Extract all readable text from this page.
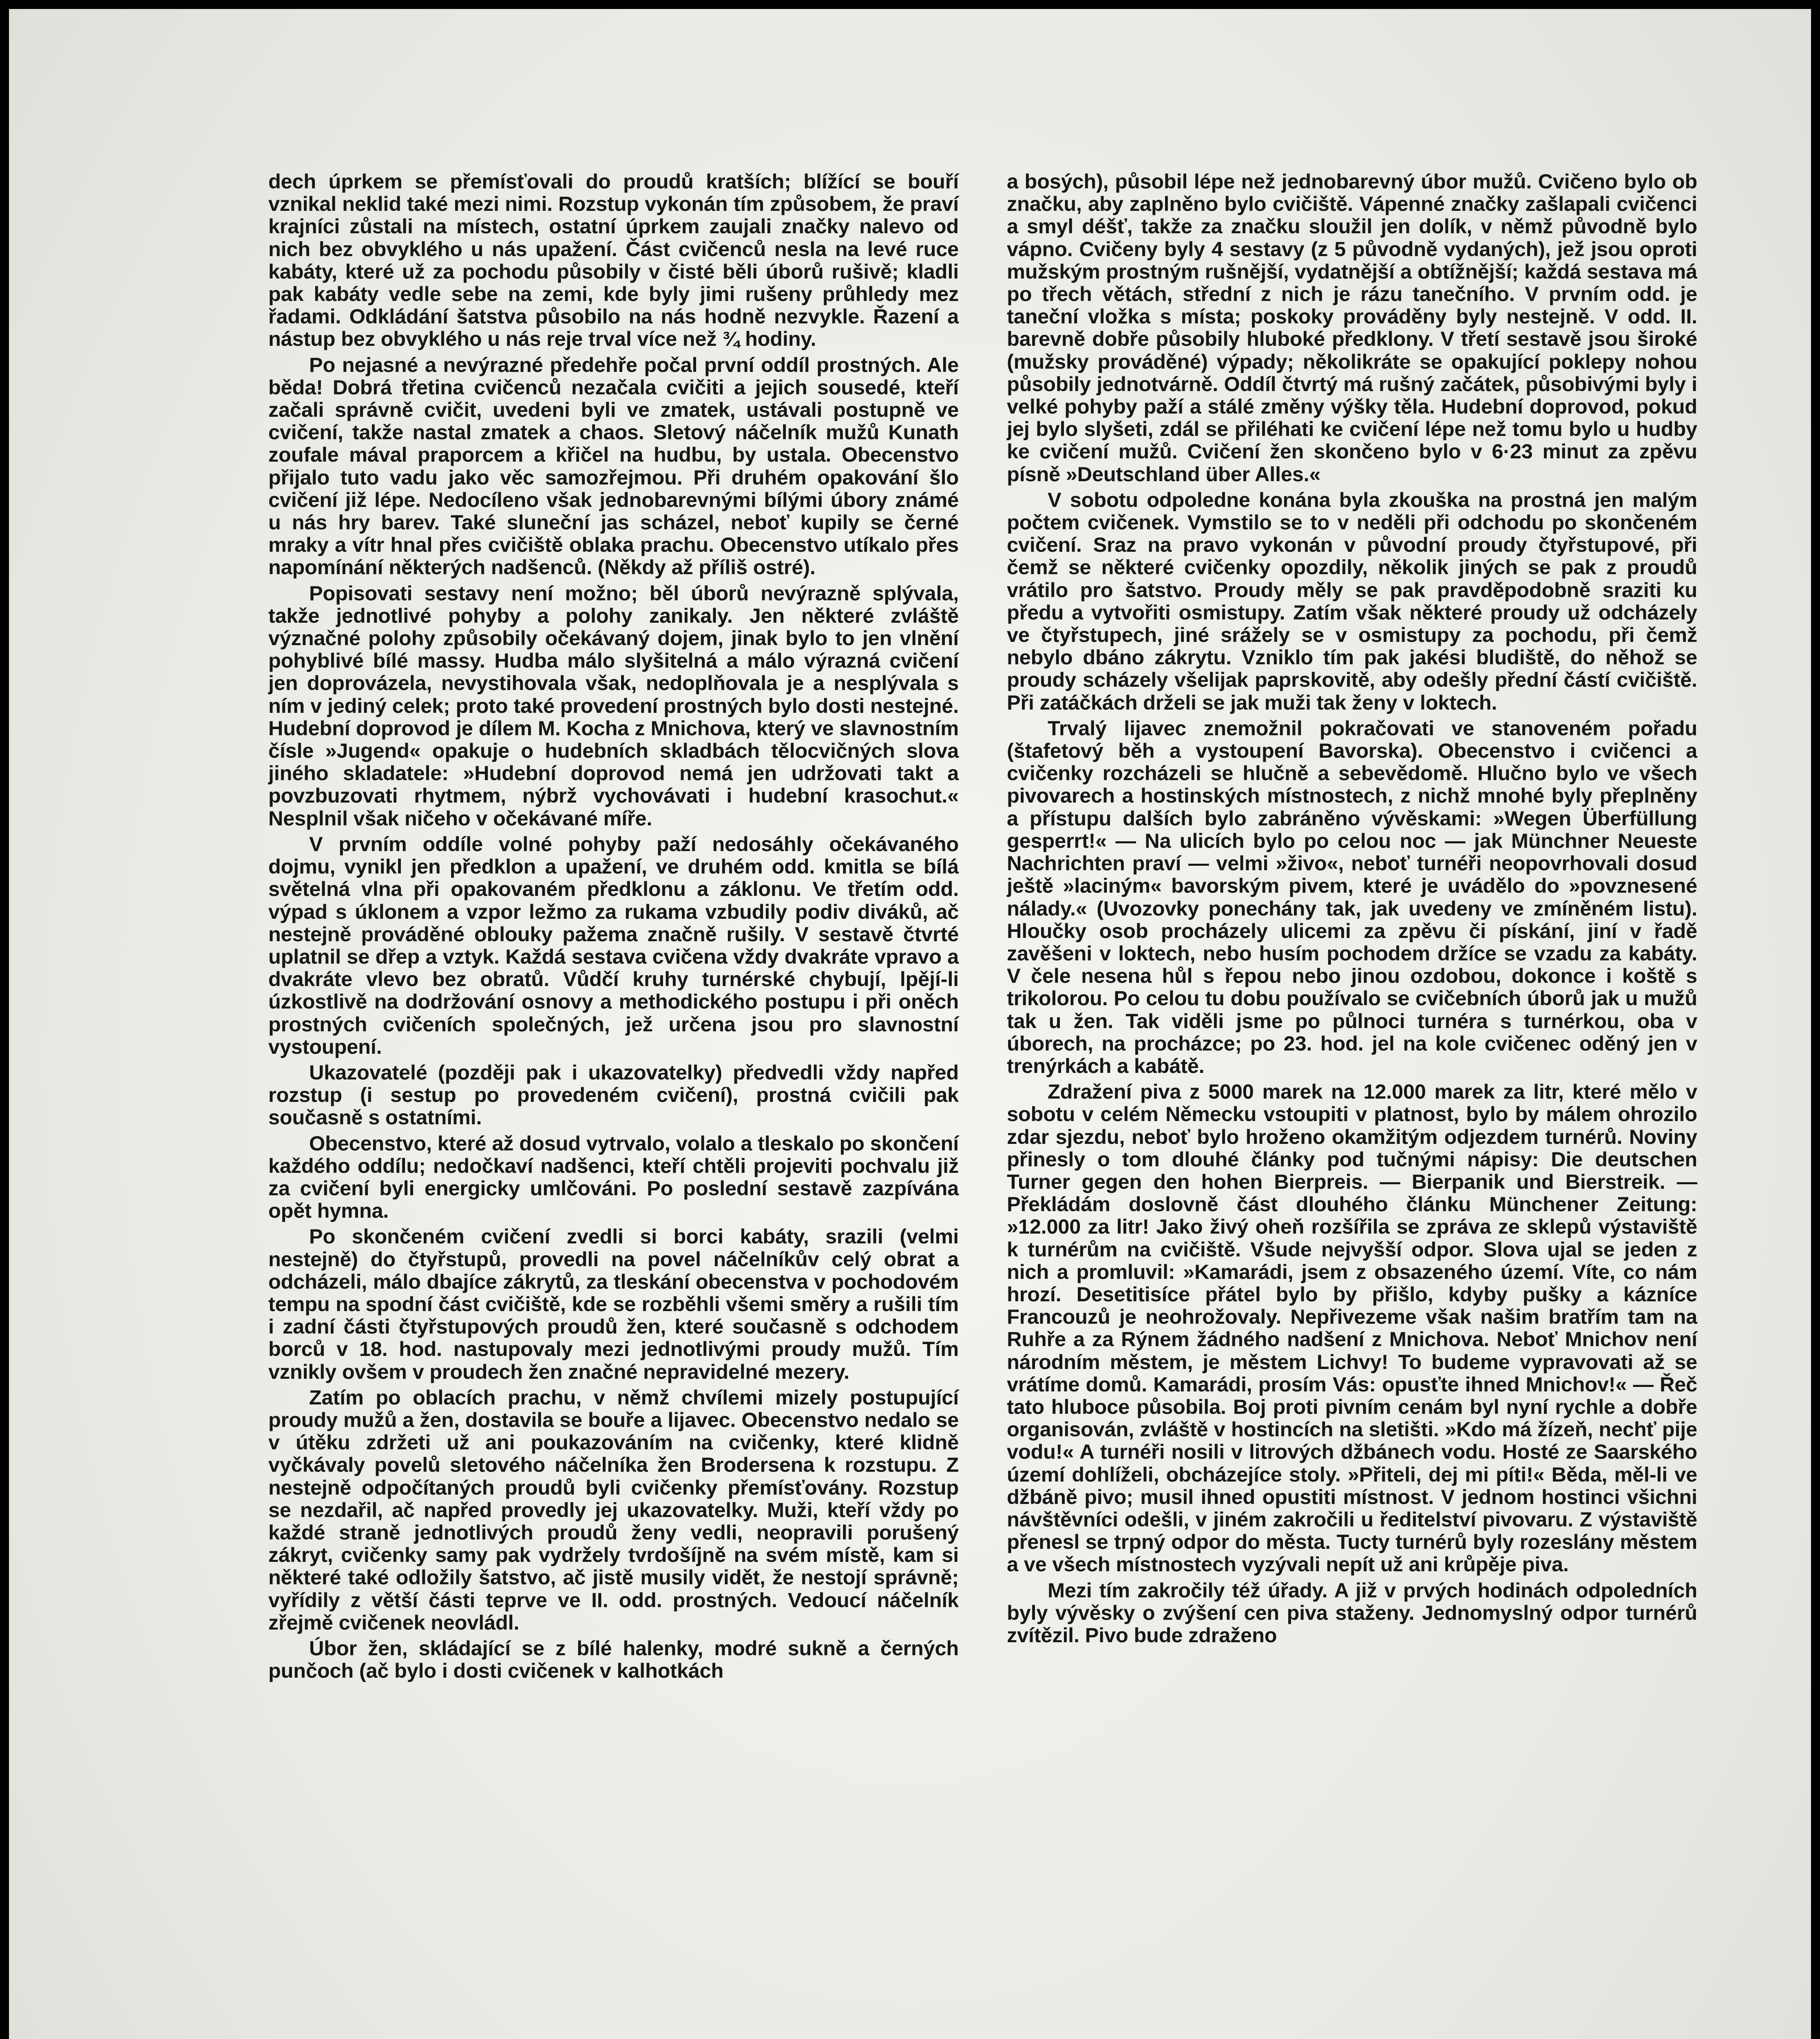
dech úprkem se přemísťovali do proudů kratších; blížící se bouří vznikal neklid také mezi nimi. Rozstup vykonán tím způsobem, že praví krajníci zůstali na místech, ostatní úprkem zaujali značky nalevo od nich bez obvyklého u nás upažení. Část cvičenců nesla na levé ruce kabáty, které už za pochodu působily v čisté běli úborů rušivě; kladli pak kabáty vedle sebe na zemi, kde byly jimi rušeny průhledy mez řadami. Odkládání šatstva působilo na nás hodně nezvykle. Řazení a nástup bez obvyklého u nás reje trval více než ¾ hodiny.

Po nejasné a nevýrazné předehře počal první oddíl prostných. Ale běda! Dobrá třetina cvičenců nezačala cvičiti a jejich sousedé, kteří začali správně cvičit, uvedeni byli ve zmatek, ustávali postupně ve cvičení, takže nastal zmatek a chaos. Sletový náčelník mužů Kunath zoufale mával praporcem a křičel na hudbu, by ustala. Obecenstvo přijalo tuto vadu jako věc samozřejmou. Při druhém opakování šlo cvičení již lépe. Nedocílenо však jednobarevnými bílými úbory známé u nás hry barev. Také sluneční jas scházel, neboť kupily se černé mraky a vítr hnal přes cvičiště oblaka prachu. Obecenstvo utíkalo přes napomínání některých nadšenců. (Někdy až příliš ostré).

Popisovati sestavy není možno; běl úborů nevýrazně splývala, takže jednotlivé pohyby a polohy zanikaly. Jen některé zvláště význačné polohy způsobily očekávaný dojem, jinak bylo to jen vlnění pohyblivé bílé massy. Hudba málo slyšitelná a málo výrazná cvičení jen doprovázela, nevystihovala však, nedoplňovala je a nesplývala s ním v jediný celek; proto také provedení prostných bylo dosti nestejné. Hudební doprovod je dílem M. Kocha z Mnichova, který ve slavnostním čísle »Jugend« opakuje o hudebních skladbách tělocvičných slova jiného skladatele: »Hudební doprovod nemá jen udržovati takt a povzbuzovati rhytmem, nýbrž vychovávati i hudební krasochut.« Nesplnil však ničeho v očekávané míře.

V prvním oddíle volné pohyby paží nedosáhly očekávaného dojmu, vynikl jen předklon a upažení, ve druhém odd. kmitla se bílá světelná vlna při opakovaném předklonu a záklonu. Ve třetím odd. výpad s úklonem a vzpor ležmo za rukama vzbudily podiv diváků, ač nestejně prováděné oblouky pažema značně rušily. V sestavě čtvrté uplatnil se dřep a vztyk. Každá sestava cvičena vždy dvakráte vpravo a dvakráte vlevo bez obratů. Vůdčí kruhy turnérské chybují, lpějí-li úzkostlivě na dodržování osnovy a methodického postupu i při oněch prostných cvičeních společných, jež určena jsou pro slavnostní vystoupení.

Ukazovatelé (později pak i ukazovatelky) předvedli vždy napřed rozstup (i sestup po provedeném cvičení), prostná cvičili pak současně s ostatními.

Obecenstvo, které až dosud vytrvalo, volalo a tleskalo po skončení každého oddílu; nedočkaví nadšenci, kteří chtěli projeviti pochvalu již za cvičení byli energicky umlčováni. Po poslední sestavě zazpívána opět hymna.

Po skončeném cvičení zvedli si borci kabáty, srazili (velmi nestejně) do čtyřstupů, provedli na povel náčelníkův celý obrat a odcházeli, málo dbajíce zákrytů, za tleskání obecenstva v pochodovém tempu na spodní část cvičiště, kde se rozběhli všemi směry a rušili tím i zadní části čtyřstupových proudů žen, které současně s odchodem borců v 18. hod. nastupovaly mezi jednotlivými proudy mužů. Tím vznikly ovšem v proudech žen značné nepravidelné mezery.

Zatím po oblacích prachu, v němž chvílemi mizely postupující proudy mužů a žen, dostavila se bouře a lijavec. Obecenstvo nedalo se v útěku zdržeti už ani poukazováním na cvičenky, které klidně vyčkávaly povelů sletového náčelníka žen Brodersena k rozstupu. Z nestejně odpočítaných proudů byli cvičenky přemísťovány. Rozstup se nezdařil, ač napřed provedly jej ukazovatelky. Muži, kteří vždy po každé straně jednotlivých proudů ženy vedli, neopravili porušený zákryt, cvičenky samy pak vydržely tvrdošíjně na svém místě, kam si některé také odložily šatstvo, ač jistě musily vidět, že nestojí správně; vyřídily z větší části teprve ve II. odd. prostných. Vedoucí náčelník zřejmě cvičenek neovládl.

Úbor žen, skládající se z bílé halenky, modré sukně a černých punčoch (ač bylo i dosti cvičenek v kalhotkách

a bosých), působil lépe než jednobarevný úbor mužů. Cvičeno bylo ob značku, aby zaplněno bylo cvičiště. Vápenné značky zašlapali cvičenci a smyl déšť, takže za značku sloužil jen dolík, v němž původně bylo vápno. Cvičeny byly 4 sestavy (z 5 původně vydaných), jež jsou oproti mužským prostným rušnější, vydatnější a obtížnější; každá sestava má po třech větách, střední z nich je rázu tanečního. V prvním odd. je taneční vložka s místa; poskoky prováděny byly nestejně. V odd. II. barevně dobře působily hluboké předklony. V třetí sestavě jsou široké (mužsky prováděné) výpady; několikráte se opakující poklepy nohou působily jednotvárně. Oddíl čtvrtý má rušný začátek, působivými byly i velké pohyby paží a stálé změny výšky těla. Hudební doprovod, pokud jej bylo slyšeti, zdál se přiléhati ke cvičení lépe než tomu bylo u hudby ke cvičení mužů. Cvičení žen skončeno bylo v 6·23 minut za zpěvu písně »Deutschland über Alles.«

V sobotu odpoledne konána byla zkouška na prostná jen malým počtem cvičenek. Vymstilo se to v neděli při odchodu po skončeném cvičení. Sraz na pravo vykonán v původní proudy čtyřstupové, při čemž se některé cvičenky opozdily, několik jiných se pak z proudů vrátilo pro šatstvo. Proudy měly se pak pravděpodobně sraziti ku předu a vytvořiti osmistupy. Zatím však některé proudy už odcházely ve čtyřstupech, jiné srážely se v osmistupy za pochodu, při čemž nebylo dbáno zákrytu. Vzniklo tím pak jakési bludiště, do něhož se proudy scházely všelijak paprskovitě, aby odešly přední částí cvičiště. Při zatáčkách drželi se jak muži tak ženy v loktech.

Trvalý lijavec znemožnil pokračovati ve stanoveném pořadu (štafetový běh a vystoupení Bavorska). Obecenstvo i cvičenci a cvičenky rozcházeli se hlučně a sebevědomě. Hlučno bylo ve všech pivovarech a hostinských místnostech, z nichž mnohé byly přeplněny a přístupu dalších bylo zabráněno vývěskami: »Wegen Überfüllung gesperrt!« — Na ulicích bylo po celou noc — jak Münchner Neueste Nachrichten praví — velmi »živo«, neboť turnéři neopovrhovali dosud ještě »laciným« bavorským pivem, které je uvádělo do »povznesené nálady.« (Uvozovky ponechány tak, jak uvedeny ve zmíněném listu). Hloučky osob procházely ulicemi za zpěvu či pískání, jiní v řadě zavěšeni v loktech, nebo husím pochodem držíce se vzadu za kabáty. V čele nesena hůl s řepou nebo jinou ozdobou, dokonce i koště s trikolorou. Po celou tu dobu používalo se cvičebních úborů jak u mužů tak u žen. Tak viděli jsme po půlnoci turnéra s turnérkou, oba v úborech, na procházce; po 23. hod. jel na kole cvičenec oděný jen v trenýrkách a kabátě.

Zdražení piva z 5000 marek na 12.000 marek za litr, které mělo v sobotu v celém Německu vstoupiti v platnost, bylo by málem ohrozilo zdar sjezdu, neboť bylo hroženo okamžitým odjezdem turnérů. Noviny přinesly o tom dlouhé články pod tučnými nápisy: Die deutschen Turner gegen den hohen Bierpreis. — Bierpanik und Bierstreik. — Překládám doslovně část dlouhého článku Münchener Zeitung: »12.000 za litr! Jako živý oheň rozšířila se zpráva ze sklepů výstaviště k turnérům na cvičiště. Všude nejvyšší odpor. Slova ujal se jeden z nich a promluvil: »Kamarádi, jsem z obsazeného území. Víte, co nám hrozí. Desetitisíce přátel bylo by přišlo, kdyby pušky a kázníce Francouzů je neohrožovaly. Nepřivezeme však našim bratřím tam na Ruhře a za Rýnem žádného nadšení z Mnichova. Neboť Mnichov není národním městem, je městem Lichvy! To budeme vypravovati až se vrátíme domů. Kamarádi, prosím Vás: opusťte ihned Mnichov!« — Řeč tato hluboce působila. Boj proti pivním cenám byl nyní rychle a dobře organisován, zvláště v hostincích na sletišti. »Kdo má žízeň, nechť pije vodu!« A turnéři nosili v litrových džbánech vodu. Hosté ze Saarského území dohlíželi, obcházejíce stoly. »Přiteli, dej mi píti!« Běda, měl-li ve džbáně pivo; musil ihned opustiti místnost. V jednom hostinci všichni návštěvníci odešli, v jiném zakročili u ředitelství pivovaru. Z výstaviště přenesl se trpný odpor do města. Tucty turnérů byly rozeslány městem a ve všech místnostech vyzývali nepít už ani krůpěje piva.

Mezi tím zakročily též úřady. A již v prvých hodinách odpoledních byly vývěsky o zvýšení cen piva staženy. Jednomyslný odpor turnérů zvítězil. Pivo bude zdraženo
